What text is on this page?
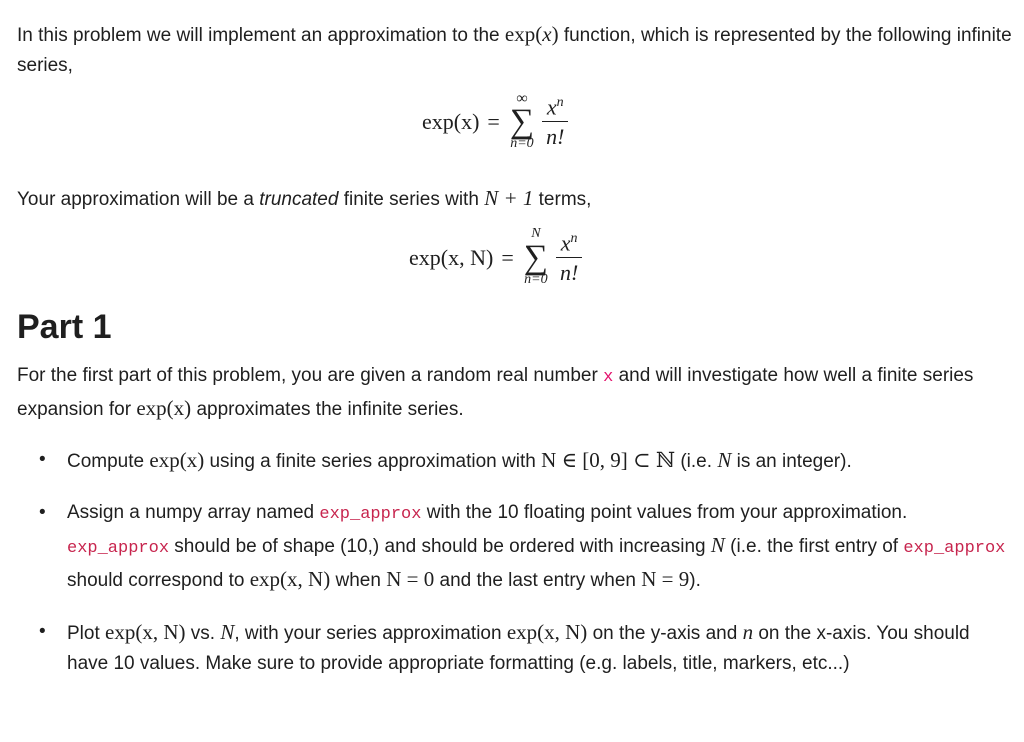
In this problem we will implement an approximation to the exp(x) function, which is represented by the following infinite series,

exp(x) =
∞
∑
$n=0 \frac{x^n}{n!}$

Your approximation will be a truncated finite series with N + 1 terms,

exp(x, N) =
N
∑
$n=0 \frac{x^n}{n!}$
Part 1

For the first part of this problem, you are given a random real number x and will investigate how well a finite series expansion for exp(x) approximates the infinite series.

• Compute exp(x) using a finite series approximation with N ∈ [0, 9] ⊂ ℕ (i.e. N is an integer).
• Assign a numpy array named exp_approx with the 10 floating point values from your approximation. exp_approx should be of shape (10,) and should be ordered with increasing N (i.e. the first entry of exp_approx should correspond to exp(x, N) when N = 0 and the last entry when N = 9).
• Plot exp(x, N) vs. N, with your series approximation exp(x, N) on the y-axis and n on the x-axis. You should have 10 values. Make sure to provide appropriate formatting (e.g. labels, title, markers, etc...)
